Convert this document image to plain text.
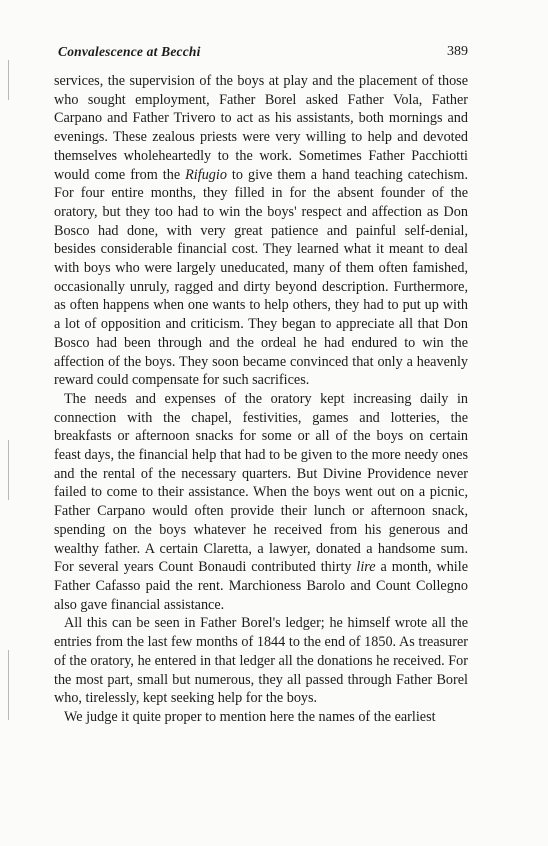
Convalescence at Becchi	389

services, the supervision of the boys at play and the placement of those who sought employment, Father Borel asked Father Vola, Father Carpano and Father Trivero to act as his assistants, both mornings and evenings. These zealous priests were very willing to help and devoted themselves wholeheartedly to the work. Sometimes Father Pacchiotti would come from the Rifugio to give them a hand teaching catechism. For four entire months, they filled in for the absent founder of the oratory, but they too had to win the boys' respect and affection as Don Bosco had done, with very great patience and painful self-denial, besides considerable financial cost. They learned what it meant to deal with boys who were largely uneducated, many of them often famished, occasionally unruly, ragged and dirty beyond description. Furthermore, as often happens when one wants to help others, they had to put up with a lot of opposition and criticism. They began to appreciate all that Don Bosco had been through and the ordeal he had endured to win the affection of the boys. They soon became convinced that only a heavenly reward could compensate for such sacrifices.

The needs and expenses of the oratory kept increasing daily in connection with the chapel, festivities, games and lotteries, the breakfasts or afternoon snacks for some or all of the boys on certain feast days, the financial help that had to be given to the more needy ones and the rental of the necessary quarters. But Divine Providence never failed to come to their assistance. When the boys went out on a picnic, Father Carpano would often provide their lunch or afternoon snack, spending on the boys whatever he received from his generous and wealthy father. A certain Claretta, a lawyer, donated a handsome sum. For several years Count Bonaudi contributed thirty lire a month, while Father Cafasso paid the rent. Marchioness Barolo and Count Collegno also gave financial assistance.

All this can be seen in Father Borel's ledger; he himself wrote all the entries from the last few months of 1844 to the end of 1850. As treasurer of the oratory, he entered in that ledger all the donations he received. For the most part, small but numerous, they all passed through Father Borel who, tirelessly, kept seeking help for the boys.

We judge it quite proper to mention here the names of the earliest
